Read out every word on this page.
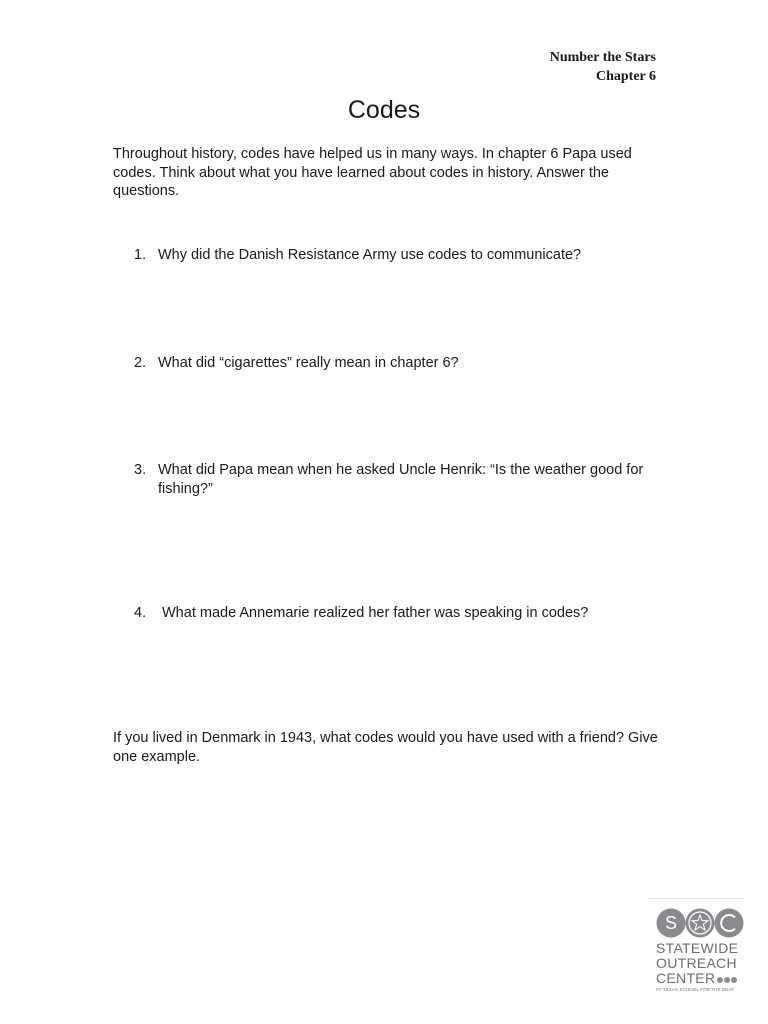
Number the Stars
Chapter 6
Codes

Throughout history, codes have helped us in many ways. In chapter 6 Papa used codes. Think about what you have learned about codes in history. Answer the questions.

1. Why did the Danish Resistance Army use codes to communicate?
2. What did “cigarettes” really mean in chapter 6?
3. What did Papa mean when he asked Uncle Henrik: “Is the weather good for fishing?”
4.	What made Annemarie realized her father was speaking in codes?

If you lived in Denmark in 1943, what codes would you have used with a friend? Give one example.

S
STATEWIDE
OUTREACH
CENTER
AT TEXAS SCHOOL FOR THE DEAF
